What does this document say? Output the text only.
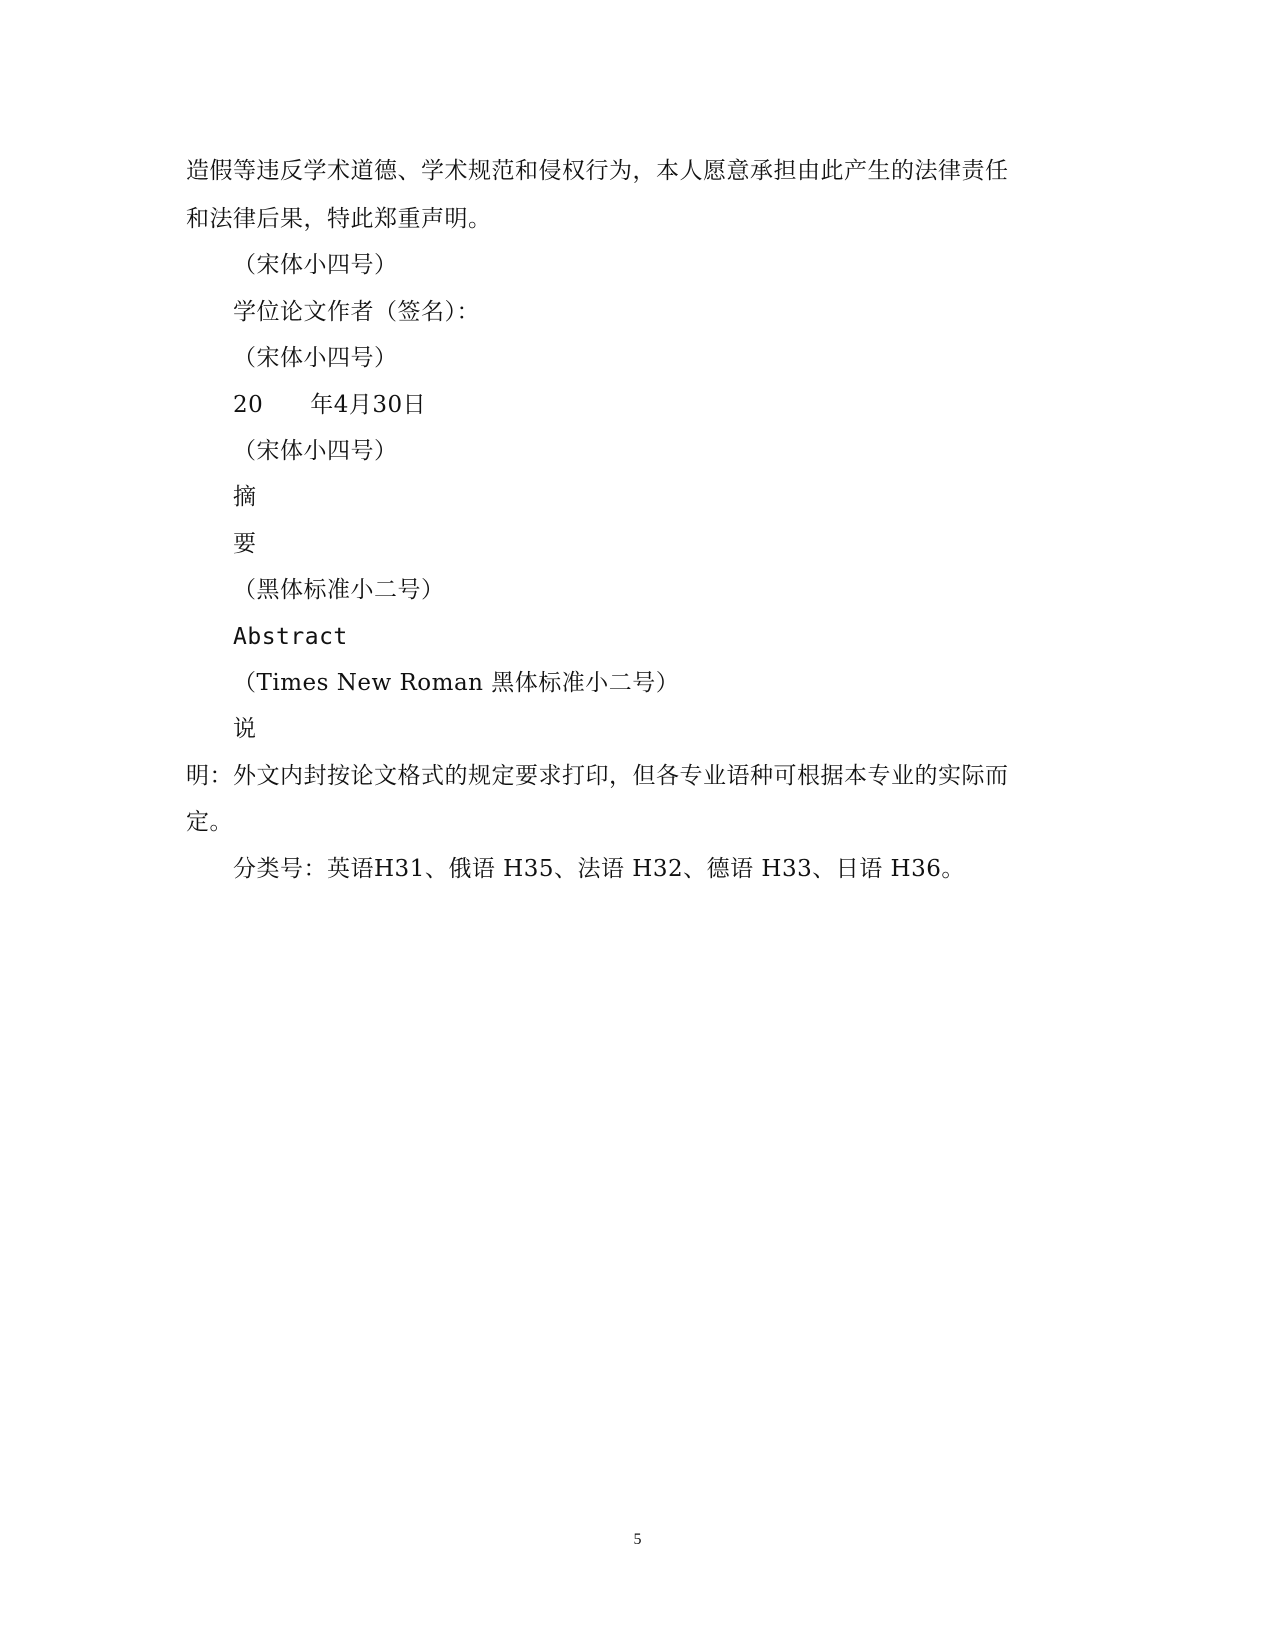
造假等违反学术道德、学术规范和侵权行为，本人愿意承担由此产生的法律责任
和法律后果，特此郑重声明。
（宋体小四号）
学位论文作者（签名）：
（宋体小四号）
20　　年4月30日
（宋体小四号）
摘
要
（黑体标准小二号）
Abstract
（Times New Roman 黑体标准小二号）
说
明：外文内封按论文格式的规定要求打印，但各专业语种可根据本专业的实际而
定。
分类号：英语H31、俄语 H35、法语 H32、德语 H33、日语 H36。
5
